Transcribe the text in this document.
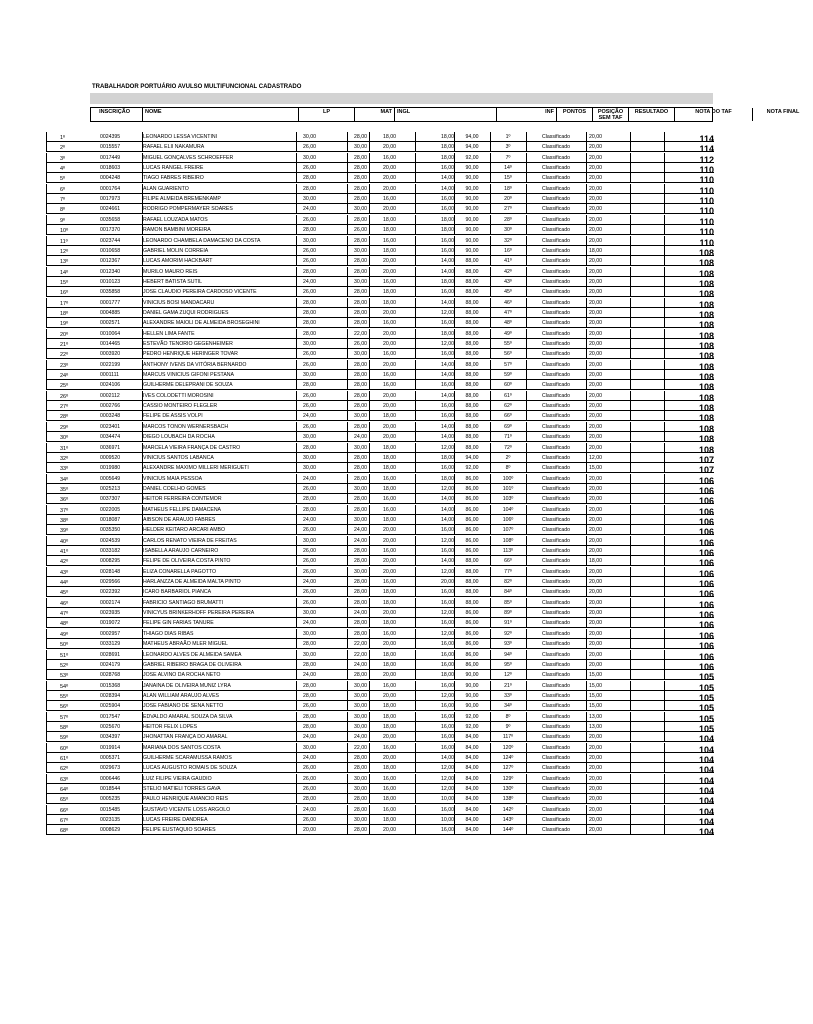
TRABALHADOR PORTUÁRIO AVULSO MULTIFUNCIONAL CADASTRADO
INSCRIÇÃO	NOME	LP	MAT INGL	INF	PONTOS	POSIÇÃO SEM TAF
RESULTADO	NOTA DO TAF	NOTA FINAL
1º	0024395	LEONARDO LESSA VICENTINI	30,00	28,00	18,00	18,00	94,00	1º	Classificado	20,00	114
2º	0015557	RAFAEL ELII NAKAMURA	26,00	30,00	20,00	18,00	94,00	3º	Classificado	20,00	114
3º	0017449	MIGUEL GONÇALVES SCHROEFFER	30,00	28,00	16,00	18,00	92,00	7º	Classificado	20,00	112
4º	0018603	LUCAS RANGEL FREIRE	26,00	28,00	20,00	16,00	90,00	14º	Classificado	20,00	110
5º	0004248	TIAGO FABRES RIBEIRO	28,00	28,00	20,00	14,00	90,00	15º	Classificado	20,00	110
6º	0001764	ALAN GUARIENTO	28,00	28,00	20,00	14,00	90,00	18º	Classificado	20,00	110
7º	0017973	FILIPE ALMEIDA BREMENKAMP	30,00	28,00	16,00	16,00	90,00	20º	Classificado	20,00	110
8º	0024661	RODRIGO POMPERMAYER SOARES	24,00	30,00	20,00	16,00	90,00	27º	Classificado	20,00	110
9º	0035658	RAFAEL LOUZADA MATOS	26,00	28,00	18,00	18,00	90,00	28º	Classificado	20,00	110
10º	0017370	RAMON BAMBINI MOREIRA	28,00	26,00	18,00	18,00	90,00	30º	Classificado	20,00	110
11º	0023744	LEONARDO CHAMBELA DAMACENO DA COSTA	30,00	28,00	16,00	16,00	90,00	32º	Classificado	20,00	110
12º	0010658	GABRIEL MOLIN CORREIA	26,00	30,00	18,00	16,00	90,00	16º	Classificado	18,00	108
13º	0012367	LUCAS AMORIM HACKBART	26,00	28,00	20,00	14,00	88,00	41º	Classificado	20,00	108
14º	0012340	MURILO MAURO REIS	28,00	28,00	20,00	14,00	88,00	42º	Classificado	20,00	108
15º	0010123	HEBERT BATISTA SUTIL	24,00	30,00	16,00	18,00	88,00	43º	Classificado	20,00	108
16º	0035858	JOSE CLAUDIO PEREIRA CARDOSO VICENTE	26,00	28,00	18,00	16,00	88,00	45º	Classificado	20,00	108
17º	0001777	VINICIUS BOSI MANDACARU	28,00	28,00	18,00	14,00	88,00	46º	Classificado	20,00	108
18º	0004885	DANIEL GAMA ZUQUI RODRIGUES	28,00	28,00	20,00	12,00	88,00	47º	Classificado	20,00	108
19º	0002571	ALEXANDRE MAIOLI DE ALMEIDA BROSEGHINI	28,00	28,00	16,00	16,00	88,00	48º	Classificado	20,00	108
20º	0010064	HELLEN LIMA FANTE	28,00	22,00	20,00	18,00	88,00	49º	Classificado	20,00	108
21º	0014465	ESTEVÃO TENORIO GEGENHEIMER	30,00	26,00	20,00	12,00	88,00	55º	Classificado	20,00	108
22º	0003920	PEDRO HENRIQUE HERINGER TOVAR	26,00	30,00	16,00	16,00	88,00	56º	Classificado	20,00	108
23º	0022199	ANTHONY IVENS DA VITÓRIA BERNARDO	26,00	28,00	20,00	14,00	88,00	57º	Classificado	20,00	108
24º	0001111	MARCUS VINICIUS GIFONI PESTANA	30,00	28,00	16,00	14,00	88,00	59º	Classificado	20,00	108
25º	0024106	GUILHERME DELEPRANI DE SOUZA	28,00	28,00	16,00	16,00	88,00	60º	Classificado	20,00	108
26º	0002112	IVES COLODETTI MOROSINI	26,00	28,00	20,00	14,00	88,00	61º	Classificado	20,00	108
27º	0002766	CASSIO MONTEIRO FLEGLER	26,00	28,00	20,00	16,00	88,00	62º	Classificado	20,00	108
28º	0003248	FELIPE DE ASSIS VOLPI	24,00	30,00	18,00	16,00	88,00	66º	Classificado	20,00	108
29º	0023401	MARCOS TONON WERNERSBACH	26,00	28,00	20,00	14,00	88,00	69º	Classificado	20,00	108
30º	0034474	DIEGO LOUBACH DA ROCHA	30,00	24,00	20,00	14,00	88,00	71º	Classificado	20,00	108
31º	0036971	MARCELA VIEIRA FRANÇA DE CASTRO	28,00	30,00	18,00	12,00	88,00	72º	Classificado	20,00	108
32º	0009520	VINICIUS SANTOS LABANCA	30,00	28,00	18,00	18,00	94,00	2º	Classificado	12,00	107
33º	0019980	ALEXANDRE MAXIMO MILLERI MERIGUETI	30,00	28,00	18,00	16,00	92,00	8º	Classificado	15,00	107
34º	0005649	VINICIUS MAIA PESSOA	24,00	28,00	16,00	18,00	86,00	100º	Classificado	20,00	106
35º	0025213	DANIEL COELHO GOMES	26,00	30,00	18,00	12,00	86,00	101º	Classificado	20,00	106
36º	0037307	HEITOR FERREIRA CONTEMOR	28,00	28,00	16,00	14,00	86,00	103º	Classificado	20,00	106
37º	0022005	MATHEUS FELLIPE DAMACENA	28,00	28,00	16,00	14,00	86,00	104º	Classificado	20,00	106
38º	0018087	AIBSON DE ARAUJO FABRES	24,00	30,00	18,00	14,00	86,00	106º	Classificado	20,00	106
39º	0035350	HELDER KEITARO ARCARI AMBO	26,00	24,00	20,00	16,00	86,00	107º	Classificado	20,00	106
40º	0024539	CARLOS RENATO VIEIRA DE FREITAS	30,00	24,00	20,00	12,00	86,00	108º	Classificado	20,00	106
41º	0033182	ISABELLA ARAUJO CARNEIRO	26,00	28,00	16,00	16,00	86,00	113º	Classificado	20,00	106
42º	0008295	FELIPE DE OLIVEIRA COSTA PINTO	26,00	28,00	20,00	14,00	88,00	66º	Classificado	18,00	106
43º	0028148	ELIZA CONARELLA PAGOTTO	26,00	30,00	20,00	12,00	88,00	77º	Classificado	20,00	106
44º	0029566	HARLANZZA DE ALMEIDA MALTA PINTO	24,00	28,00	16,00	20,00	88,00	82º	Classificado	20,00	106
45º	0022392	ICARO BARBARIOL PIANCA	26,00	28,00	18,00	16,00	88,00	84º	Classificado	20,00	106
46º	0002174	FABRICIO SANTIAGO BRUMATTI	26,00	28,00	18,00	16,00	88,00	85º	Classificado	20,00	106
47º	0023935	VINICYUS BRINKERHOFF PEREIRA PEREIRA	30,00	24,00	20,00	12,00	86,00	89º	Classificado	20,00	106
48º	0019072	FELIPE GIN FARIAS TANURE	24,00	28,00	18,00	16,00	86,00	91º	Classificado	20,00	106
49º	0002957	THIAGO DIAS RIBAS	30,00	28,00	16,00	12,00	86,00	92º	Classificado	20,00	106
50º	0033129	MATHEUS ABRAÃO MLER MIGUEL	28,00	22,00	20,00	16,00	86,00	93º	Classificado	20,00	106
51º	0028691	LEONARDO ALVES DE ALMEIDA SAMEA	30,00	22,00	18,00	16,00	86,00	94º	Classificado	20,00	106
52º	0024179	GABRIEL RIBEIRO BRAGA DE OLIVEIRA	28,00	24,00	18,00	16,00	86,00	95º	Classificado	20,00	106
53º	0028768	JOSE ALVINO DA ROCHA NETO	24,00	28,00	20,00	18,00	90,00	12º	Classificado	15,00	105
54º	0015368	JANAINA DE OLIVEIRA MUNIZ LYRA	28,00	30,00	16,00	16,00	90,00	21º	Classificado	15,00	105
55º	0028394	ALAN WILLIAM ARAUJO ALVES	28,00	30,00	20,00	12,00	90,00	33º	Classificado	15,00	105
56º	0025904	JOSE FABIANO DE SENA NETTO	26,00	30,00	18,00	16,00	90,00	34º	Classificado	15,00	105
57º	0017547	EDVALDO AMARAL SOUZA DA SILVA	28,00	30,00	18,00	16,00	92,00	8º	Classificado	13,00	105
58º	0025670	HEITOR FELIX LOPES	28,00	30,00	18,00	16,00	92,00	9º	Classificado	13,00	105
59º	0034397	JHONATTAN FRANÇA DO AMARAL	24,00	24,00	20,00	16,00	84,00	117º	Classificado	20,00	104
60º	0019914	MARIANA DOS SANTOS COSTA	30,00	22,00	16,00	16,00	84,00	120º	Classificado	20,00	104
61º	0005371	GUILHERME SCARAMUSSA RAMOS	24,00	28,00	20,00	14,00	84,00	124º	Classificado	20,00	104
62º	0029673	LUCAS AUGUSTO ROMAIS DE SOUZA	26,00	28,00	18,00	12,00	84,00	127º	Classificado	20,00	104
63º	0006446	LUIZ FILIPE VIEIRA GAUDIO	26,00	30,00	16,00	12,00	84,00	129º	Classificado	20,00	104
64º	0018544	STELIO MATIELI TORRES GAVA	26,00	30,00	16,00	12,00	84,00	130º	Classificado	20,00	104
65º	0005235	PAULO HENRIQUE AMANCIO REIS	28,00	28,00	18,00	10,00	84,00	138º	Classificado	20,00	104
66º	0015485	GUSTAVO VICENTE LOSS ARGOLO	24,00	28,00	16,00	16,00	84,00	142º	Classificado	20,00	104
67º	0023135	LUCAS FREIRE DANDREA	26,00	30,00	18,00	10,00	84,00	143º	Classificado	20,00	104
68º	0008629	FELIPE EUSTAQUIO SOARES	20,00	28,00	20,00	16,00	84,00	144º	Classificado	20,00	104
